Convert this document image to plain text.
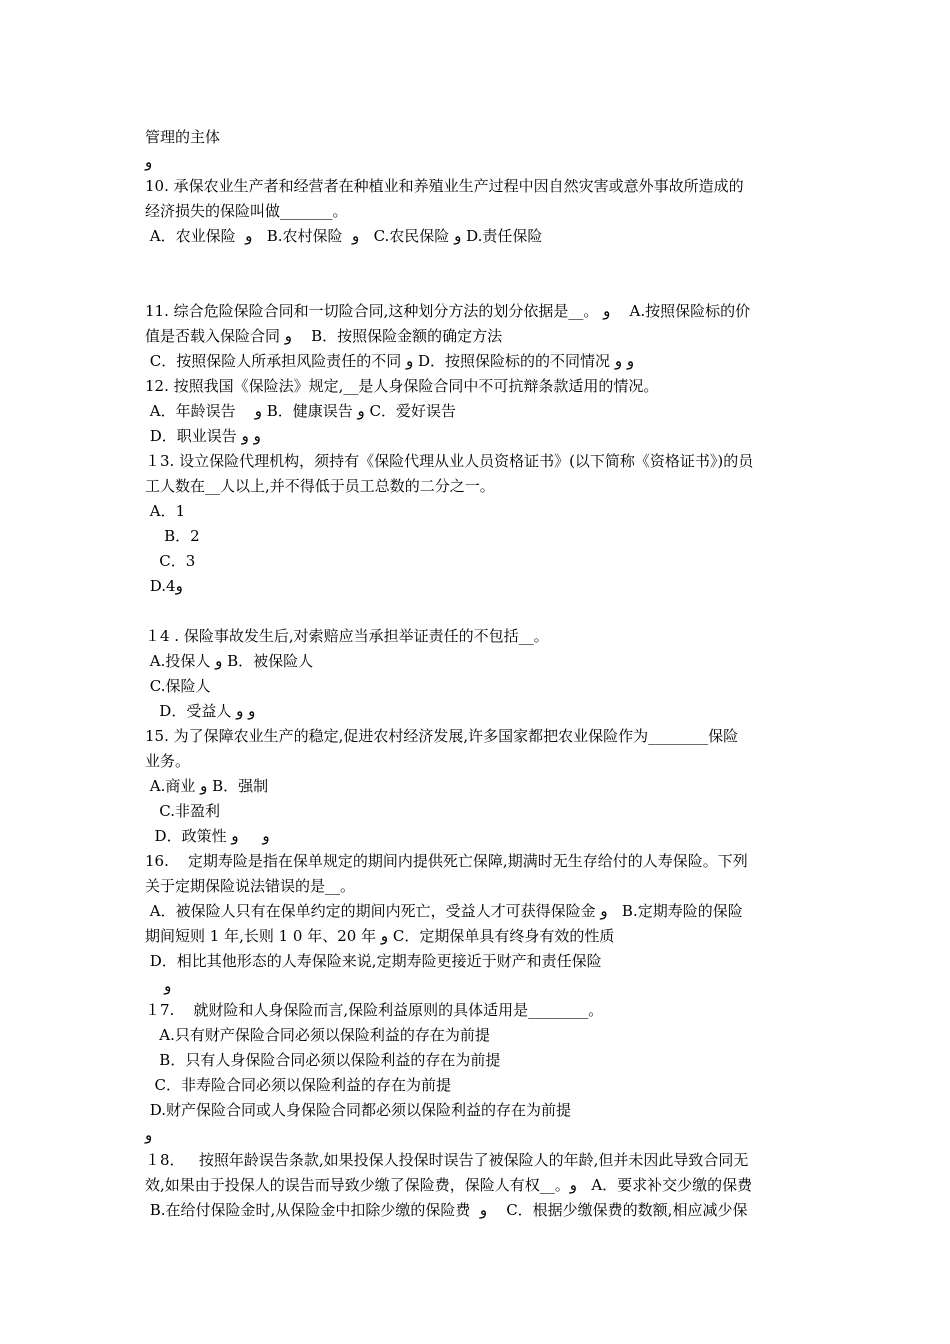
管理的主体
و
10. 承保农业生产者和经营者在种植业和养殖业生产过程中因自然灾害或意外事故所造成的
经济损失的保险叫做_______。
A．农业保险  و   B.农村保险  و   C.农民保险 و D.责任保险
11. 综合危险保险合同和一切险合同,这种划分方法的划分依据是__。 و    A.按照保险标的价
值是否载入保险合同 و    B．按照保险金额的确定方法
C．按照保险人所承担风险责任的不同 و D．按照保险标的的不同情况 و و
12. 按照我国《保险法》规定,__是人身保险合同中不可抗辩条款适用的情况。
A．年龄误告    و B．健康误告 و C．爱好误告
D．职业误告 و و
１3. 设立保险代理机构，须持有《保险代理从业人员资格证书》(以下简称《资格证书》)的员
工人数在__人以上,并不得低于员工总数的二分之一。
A．1
B．2
C．3
D.4و
１4 . 保险事故发生后,对索赔应当承担举证责任的不包括__。
A.投保人 و B．被保险人
C.保险人
D．受益人 و و
15. 为了保障农业生产的稳定,促进农村经济发展,许多国家都把农业保险作为________保险
业务。
A.商业 و B．强制
C.非盈利
D．政策性 و     و
16.    定期寿险是指在保单规定的期间内提供死亡保障,期满时无生存给付的人寿保险。下列
关于定期保险说法错误的是__。
A．被保险人只有在保单约定的期间内死亡，受益人才可获得保险金 و   B.定期寿险的保险
期间短则 1 年,长则 1 0 年、20 年 و C．定期保单具有终身有效的性质
D．相比其他形态的人寿保险来说,定期寿险更接近于财产和责任保险
و
１7.    就财险和人身保险而言,保险利益原则的具体适用是________。
A.只有财产保险合同必须以保险利益的存在为前提
B．只有人身保险合同必须以保险利益的存在为前提
C．非寿险合同必须以保险利益的存在为前提
D.财产保险合同或人身保险合同都必须以保险利益的存在为前提
و
１8．   按照年龄误告条款,如果投保人投保时误告了被保险人的年龄,但并未因此导致合同无
效,如果由于投保人的误告而导致少缴了保险费，保险人有权__。و   A．要求补交少缴的保费
B.在给付保险金时,从保险金中扣除少缴的保险费  و    C．根据少缴保费的数额,相应减少保
